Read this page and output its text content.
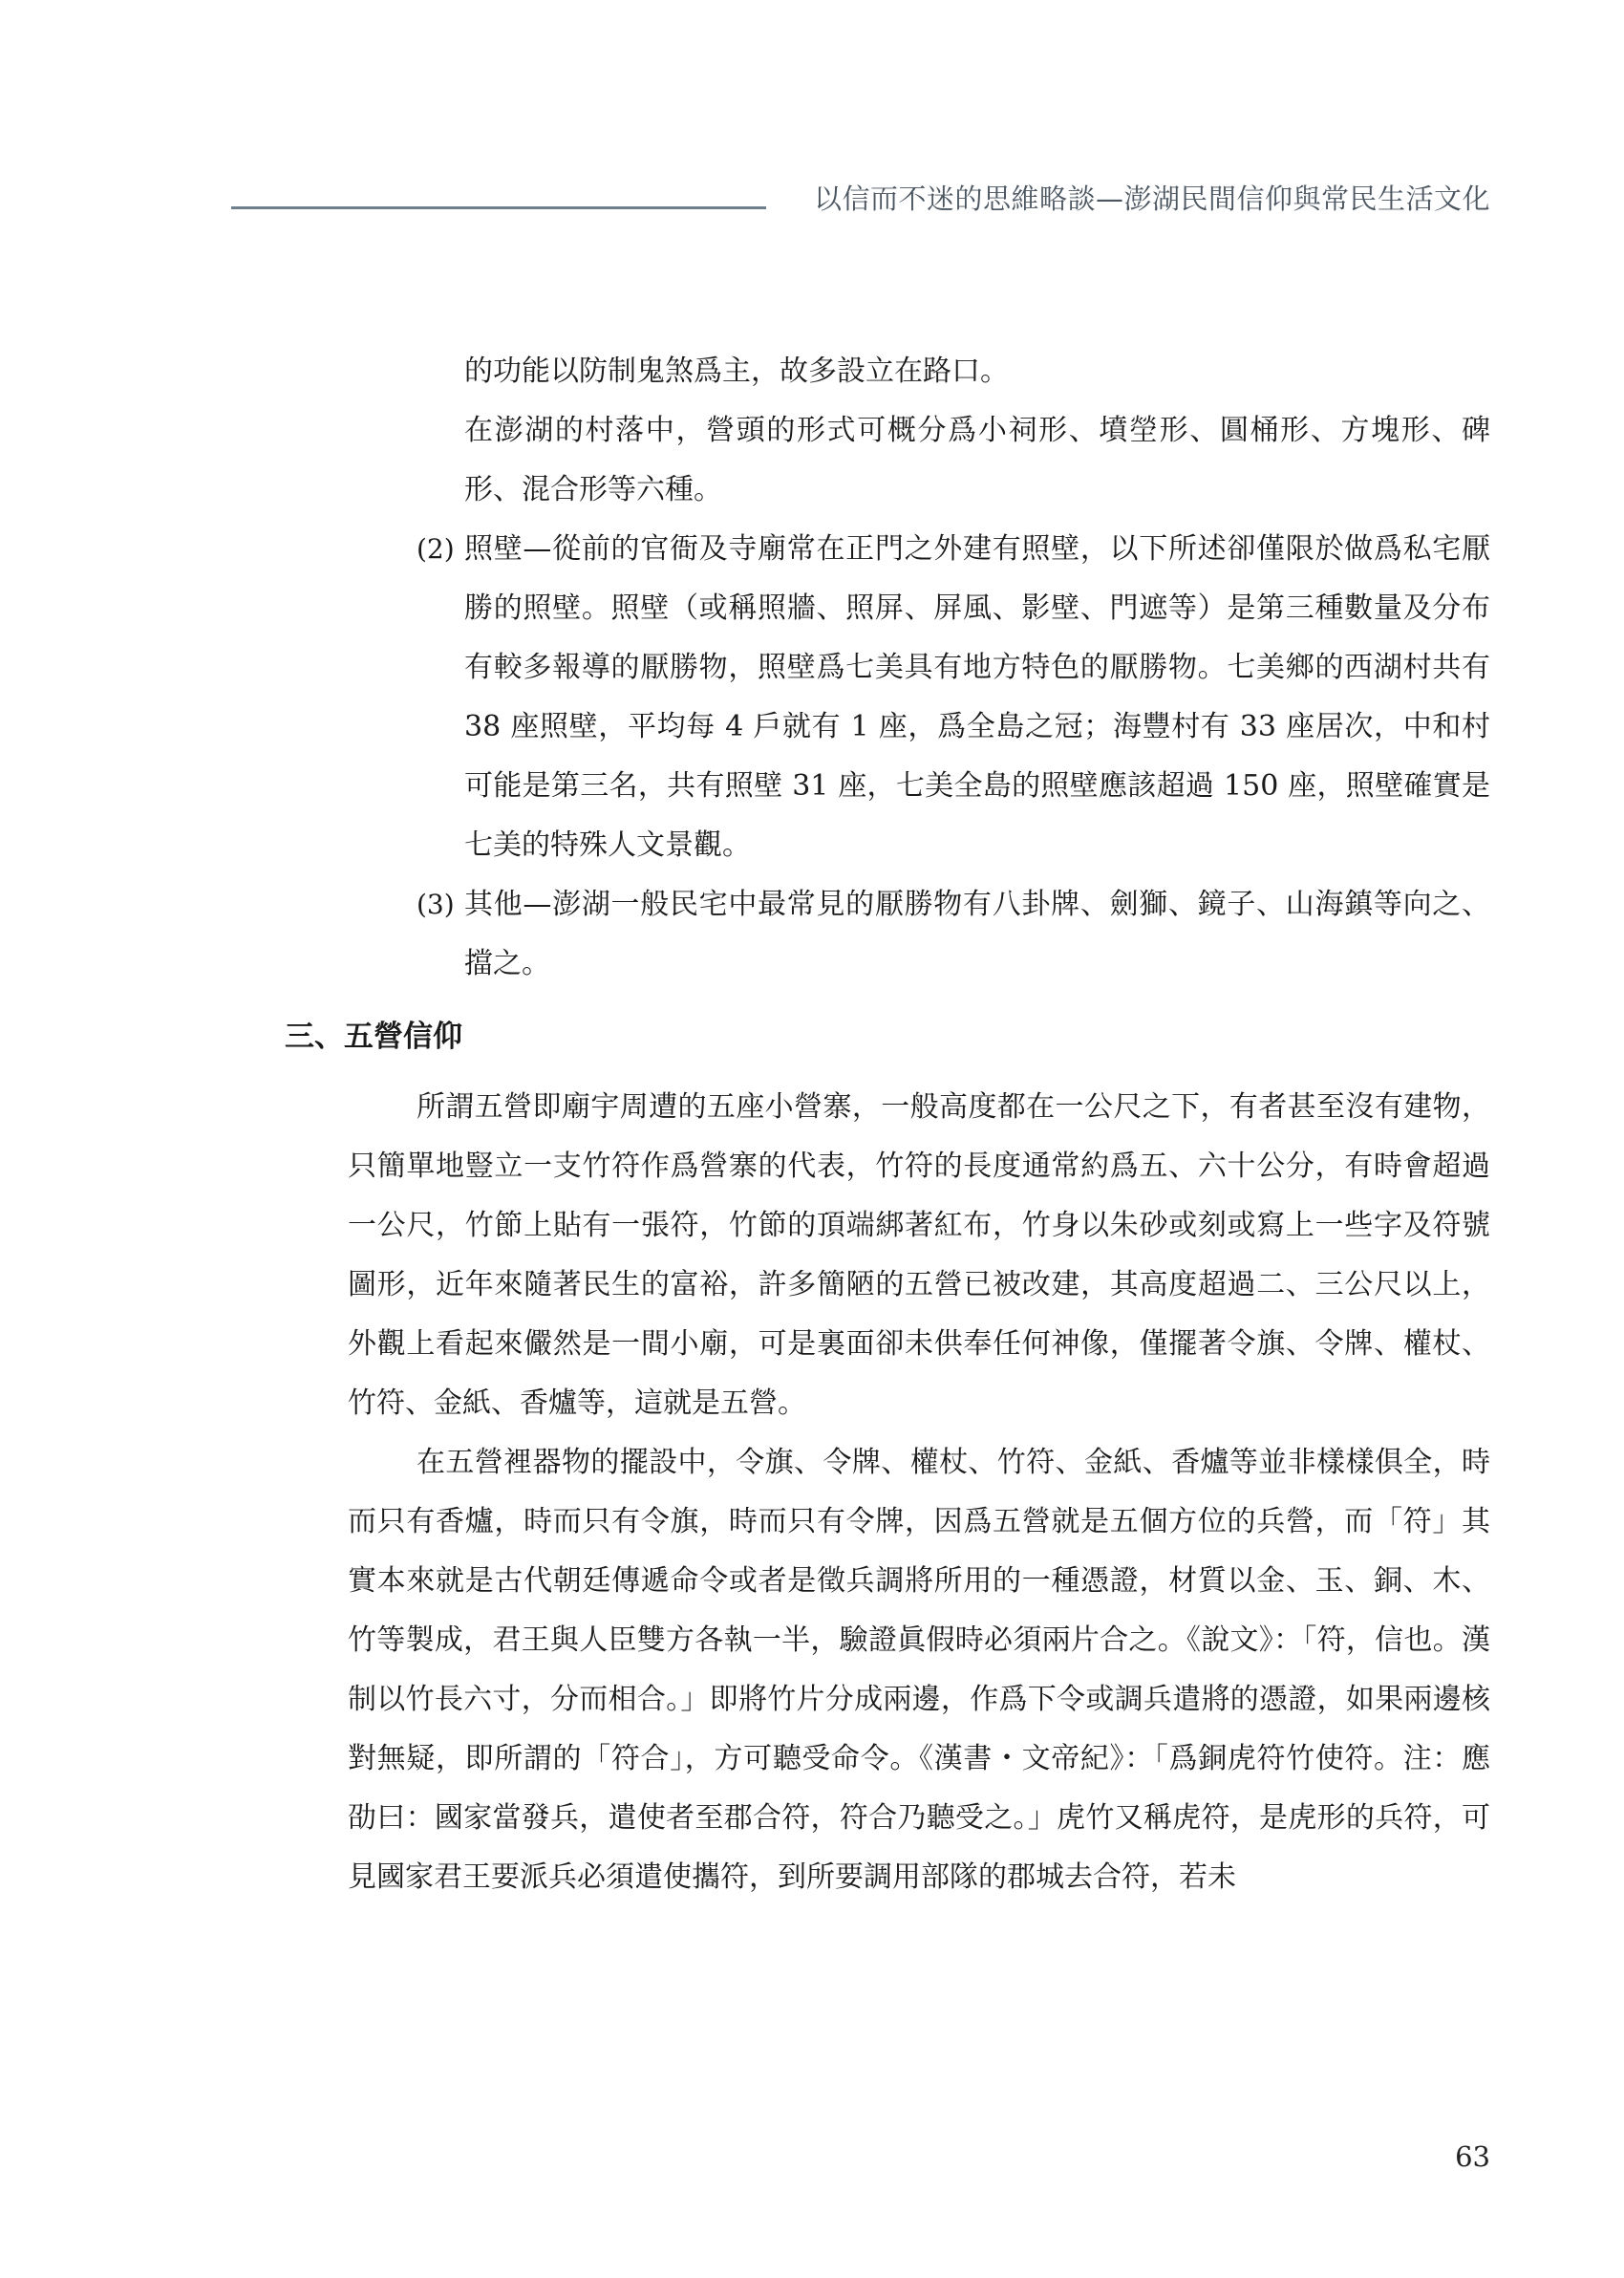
以信而不迷的思維略談—澎湖民間信仰與常民生活文化

的功能以防制鬼煞爲主，故多設立在路口。

在澎湖的村落中，營頭的形式可概分爲小祠形、墳塋形、圓桶形、方塊形、碑形、混合形等六種。

(2) 照壁—從前的官衙及寺廟常在正門之外建有照壁，以下所述卻僅限於做爲私宅厭勝的照壁。照壁（或稱照牆、照屏、屏風、影壁、門遮等）是第三種數量及分布有較多報導的厭勝物，照壁爲七美具有地方特色的厭勝物。七美鄉的西湖村共有 38 座照壁，平均每 4 戶就有 1 座，爲全島之冠；海豐村有 33 座居次，中和村可能是第三名，共有照壁 31 座，七美全島的照壁應該超過 150 座，照壁確實是七美的特殊人文景觀。

(3) 其他—澎湖一般民宅中最常見的厭勝物有八卦牌、劍獅、鏡子、山海鎮等向之、擋之。

三、五營信仰

所謂五營即廟宇周遭的五座小營寨，一般高度都在一公尺之下，有者甚至沒有建物，只簡單地豎立一支竹符作爲營寨的代表，竹符的長度通常約爲五、六十公分，有時會超過一公尺，竹節上貼有一張符，竹節的頂端綁著紅布，竹身以朱砂或刻或寫上一些字及符號圖形，近年來隨著民生的富裕，許多簡陋的五營已被改建，其高度超過二、三公尺以上，外觀上看起來儼然是一間小廟，可是裏面卻未供奉任何神像，僅擺著令旗、令牌、權杖、竹符、金紙、香爐等，這就是五營。

在五營裡器物的擺設中，令旗、令牌、權杖、竹符、金紙、香爐等並非樣樣俱全，時而只有香爐，時而只有令旗，時而只有令牌，因爲五營就是五個方位的兵營，而「符」其實本來就是古代朝廷傳遞命令或者是徵兵調將所用的一種憑證，材質以金、玉、銅、木、竹等製成，君王與人臣雙方各執一半，驗證眞假時必須兩片合之。《說文》：「符，信也。漢制以竹長六寸，分而相合。」即將竹片分成兩邊，作爲下令或調兵遣將的憑證，如果兩邊核對無疑，即所謂的「符合」，方可聽受命令。《漢書・文帝紀》：「爲銅虎符竹使符。注：應劭曰：國家當發兵，遣使者至郡合符，符合乃聽受之。」虎竹又稱虎符，是虎形的兵符，可見國家君王要派兵必須遣使攜符，到所要調用部隊的郡城去合符，若未

63
